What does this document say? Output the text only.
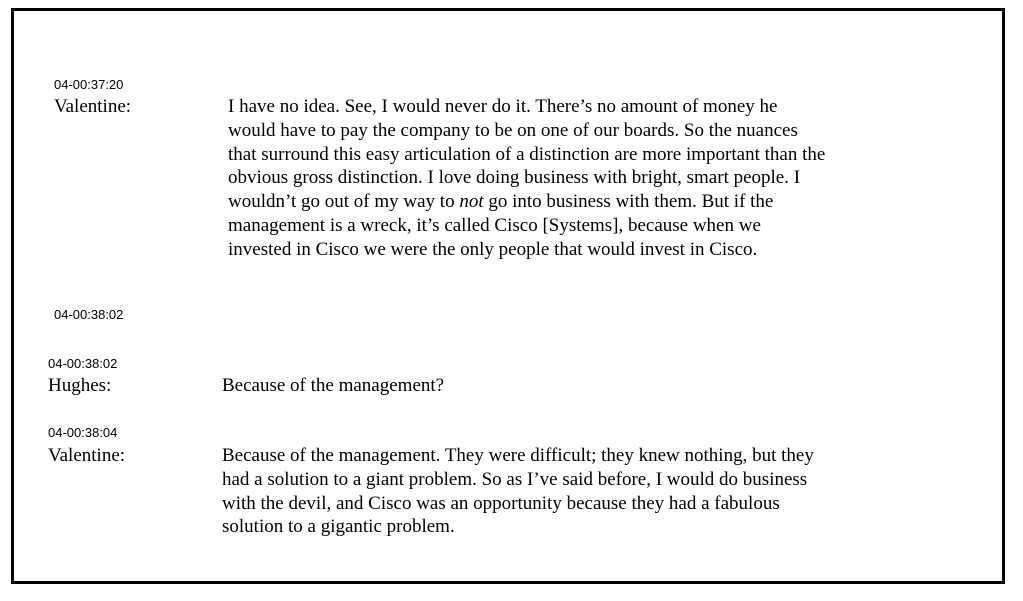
04-00:37:20
Valentine:	I have no idea. See, I would never do it. There’s no amount of money he

would have to pay the company to be on one of our boards. So the nuances

that surround this easy articulation of a distinction are more important than the

obvious gross distinction. I love doing business with bright, smart people. I

wouldn’t go out of my way to not go into business with them. But if the

management is a wreck, it’s called Cisco [Systems], because when we

invested in Cisco we were the only people that would invest in Cisco.

04-00:38:02
04-00:38:02
Hughes:	Because of the management?

04-00:38:04
Valentine:	Because of the management. They were difficult; they knew nothing, but they

had a solution to a giant problem. So as I’ve said before, I would do business

with the devil, and Cisco was an opportunity because they had a fabulous

solution to a gigantic problem.
